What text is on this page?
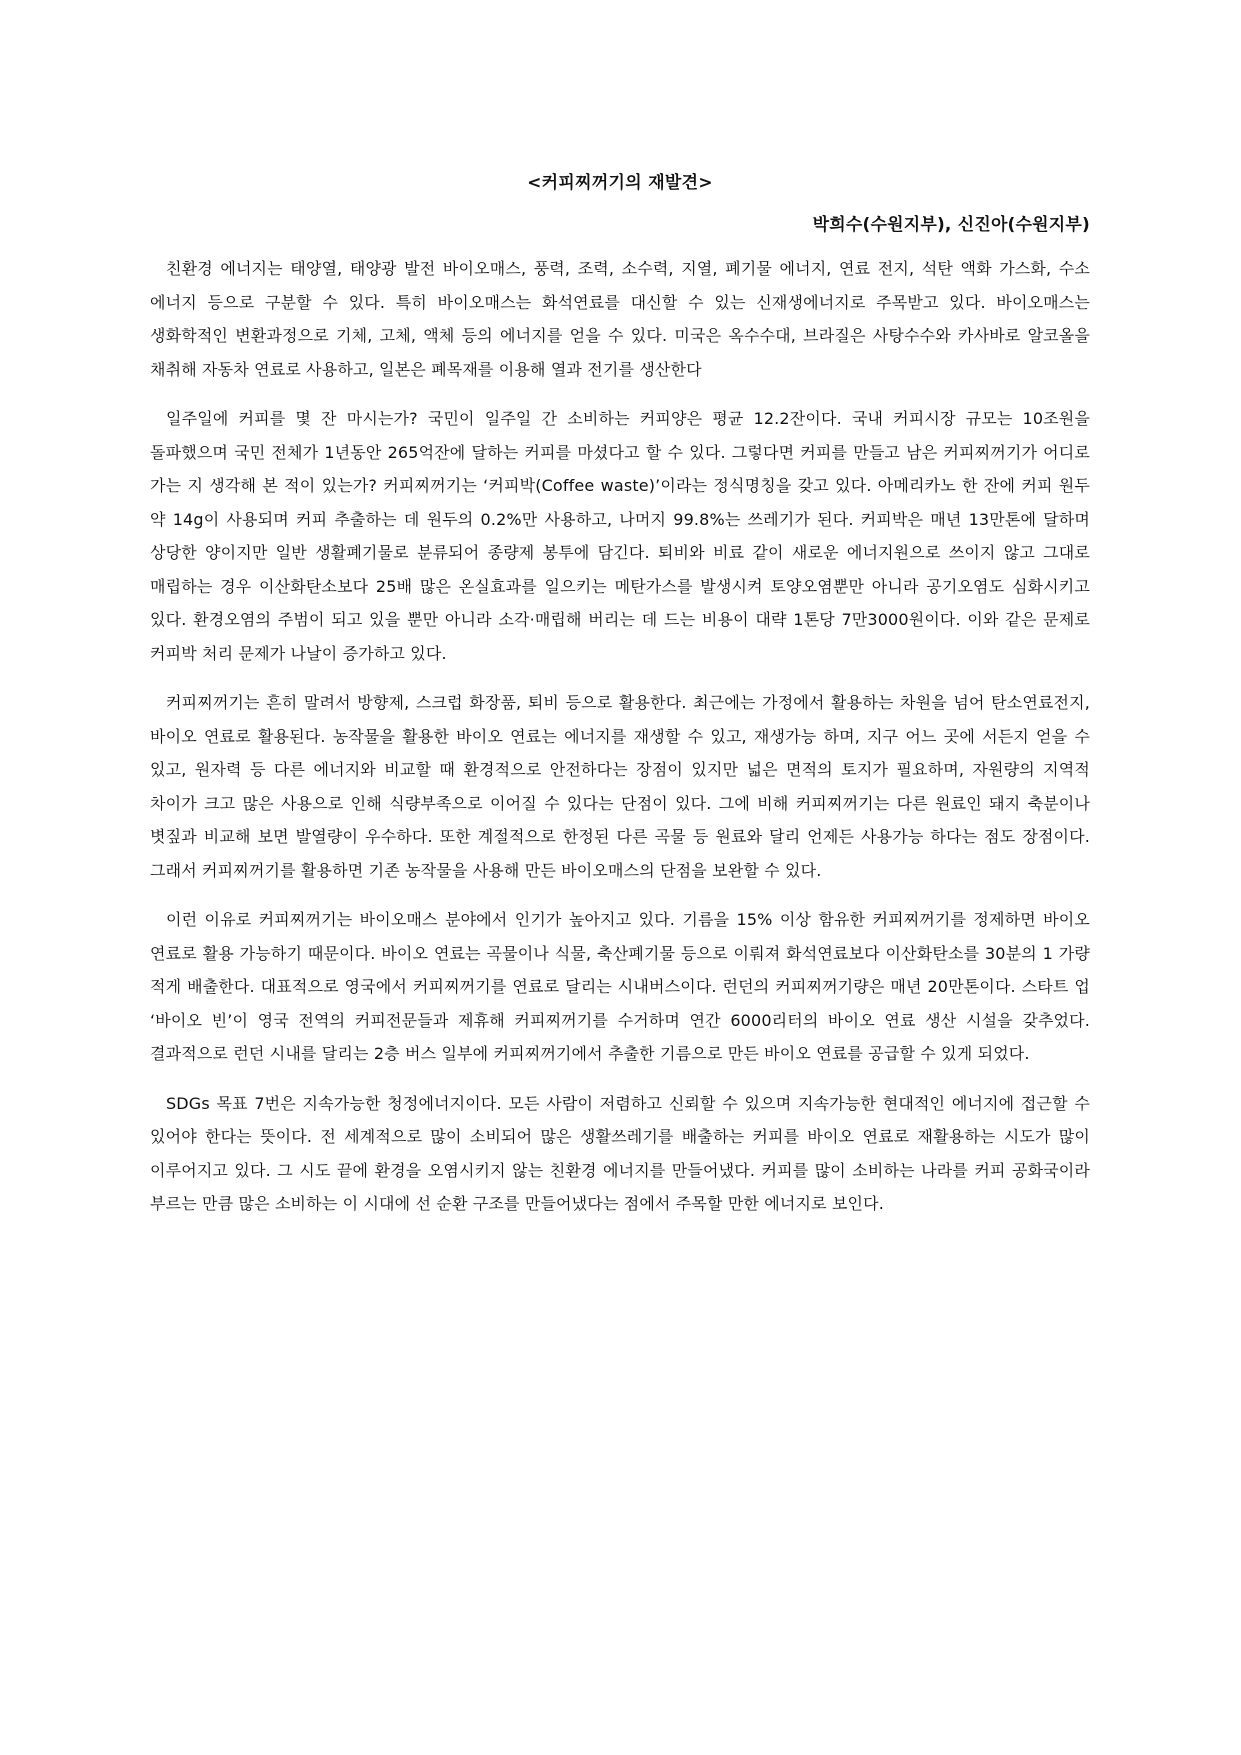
<커피찌꺼기의 재발견>
박희수(수원지부), 신진아(수원지부)

친환경 에너지는 태양열, 태양광 발전 바이오매스, 풍력, 조력, 소수력, 지열, 폐기물 에너지, 연료 전지, 석탄 액화 가스화, 수소 에너지 등으로 구분할 수 있다. 특히 바이오매스는 화석연료를 대신할 수 있는 신재생에너지로 주목받고 있다. 바이오매스는 생화학적인 변환과정으로 기체, 고체, 액체 등의 에너지를 얻을 수 있다. 미국은 옥수수대, 브라질은 사탕수수와 카사바로 알코올을 채취해 자동차 연료로 사용하고, 일본은 폐목재를 이용해 열과 전기를 생산한다

일주일에 커피를 몇 잔 마시는가? 국민이 일주일 간 소비하는 커피양은 평균 12.2잔이다. 국내 커피시장 규모는 10조원을 돌파했으며 국민 전체가 1년동안 265억잔에 달하는 커피를 마셨다고 할 수 있다. 그렇다면 커피를 만들고 남은 커피찌꺼기가 어디로 가는 지 생각해 본 적이 있는가? 커피찌꺼기는 ‘커피박(Coffee waste)’이라는 정식명칭을 갖고 있다. 아메리카노 한 잔에 커피 원두 약 14g이 사용되며 커피 추출하는 데 원두의 0.2%만 사용하고, 나머지 99.8%는 쓰레기가 된다. 커피박은 매년 13만톤에 달하며 상당한 양이지만 일반 생활폐기물로 분류되어 종량제 봉투에 담긴다. 퇴비와 비료 같이 새로운 에너지원으로 쓰이지 않고 그대로 매립하는 경우 이산화탄소보다 25배 많은 온실효과를 일으키는 메탄가스를 발생시켜 토양오염뿐만 아니라 공기오염도 심화시키고 있다. 환경오염의 주범이 되고 있을 뿐만 아니라 소각·매립해 버리는 데 드는 비용이 대략 1톤당 7만3000원이다. 이와 같은 문제로 커피박 처리 문제가 나날이 증가하고 있다.

커피찌꺼기는 흔히 말려서 방향제, 스크럽 화장품, 퇴비 등으로 활용한다. 최근에는 가정에서 활용하는 차원을 넘어 탄소연료전지, 바이오 연료로 활용된다. 농작물을 활용한 바이오 연료는 에너지를 재생할 수 있고, 재생가능 하며, 지구 어느 곳에 서든지 얻을 수 있고, 원자력 등 다른 에너지와 비교할 때 환경적으로 안전하다는 장점이 있지만 넓은 면적의 토지가 필요하며, 자원량의 지역적 차이가 크고 많은 사용으로 인해 식량부족으로 이어질 수 있다는 단점이 있다. 그에 비해 커피찌꺼기는 다른 원료인 돼지 축분이나 볏짚과 비교해 보면 발열량이 우수하다. 또한 계절적으로 한정된 다른 곡물 등 원료와 달리 언제든 사용가능 하다는 점도 장점이다. 그래서 커피찌꺼기를 활용하면 기존 농작물을 사용해 만든 바이오매스의 단점을 보완할 수 있다.

이런 이유로 커피찌꺼기는 바이오매스 분야에서 인기가 높아지고 있다. 기름을 15% 이상 함유한 커피찌꺼기를 정제하면 바이오 연료로 활용 가능하기 때문이다. 바이오 연료는 곡물이나 식물, 축산폐기물 등으로 이뤄져 화석연료보다 이산화탄소를 30분의 1 가량 적게 배출한다. 대표적으로 영국에서 커피찌꺼기를 연료로 달리는 시내버스이다. 런던의 커피찌꺼기량은 매년 20만톤이다. 스타트 업 ‘바이오 빈’이 영국 전역의 커피전문들과 제휴해 커피찌꺼기를 수거하며 연간 6000리터의 바이오 연료 생산 시설을 갖추었다. 결과적으로 런던 시내를 달리는 2층 버스 일부에 커피찌꺼기에서 추출한 기름으로 만든 바이오 연료를 공급할 수 있게 되었다.

SDGs 목표 7번은 지속가능한 청정에너지이다. 모든 사람이 저렴하고 신뢰할 수 있으며 지속가능한 현대적인 에너지에 접근할 수 있어야 한다는 뜻이다. 전 세계적으로 많이 소비되어 많은 생활쓰레기를 배출하는 커피를 바이오 연료로 재활용하는 시도가 많이 이루어지고 있다. 그 시도 끝에 환경을 오염시키지 않는 친환경 에너지를 만들어냈다. 커피를 많이 소비하는 나라를 커피 공화국이라 부르는 만큼 많은 소비하는 이 시대에 선 순환 구조를 만들어냈다는 점에서 주목할 만한 에너지로 보인다.
